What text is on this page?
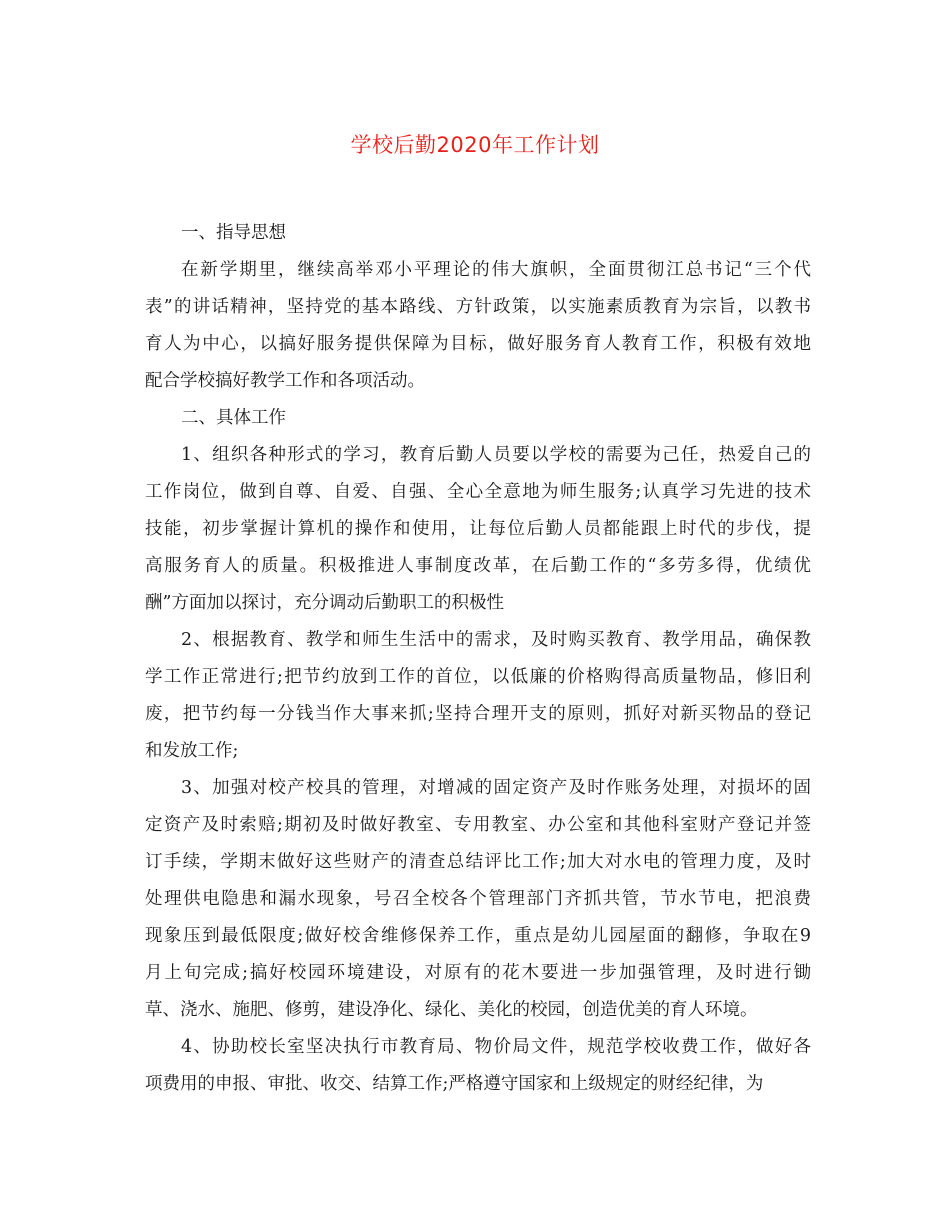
学校后勤2020年工作计划
一、指导思想
在新学期里，继续高举邓小平理论的伟大旗帜，全面贯彻江总书记“三个代
表”的讲话精神，坚持党的基本路线、方针政策，以实施素质教育为宗旨，以教书
育人为中心，以搞好服务提供保障为目标，做好服务育人教育工作，积极有效地
配合学校搞好教学工作和各项活动。
二、具体工作
1、组织各种形式的学习，教育后勤人员要以学校的需要为己任，热爱自己的
工作岗位，做到自尊、自爱、自强、全心全意地为师生服务;认真学习先进的技术
技能，初步掌握计算机的操作和使用，让每位后勤人员都能跟上时代的步伐，提
高服务育人的质量。积极推进人事制度改革，在后勤工作的“多劳多得，优绩优
酬”方面加以探讨，充分调动后勤职工的积极性
2、根据教育、教学和师生生活中的需求，及时购买教育、教学用品，确保教
学工作正常进行;把节约放到工作的首位，以低廉的价格购得高质量物品，修旧利
废，把节约每一分钱当作大事来抓;坚持合理开支的原则，抓好对新买物品的登记
和发放工作;
3、加强对校产校具的管理，对增减的固定资产及时作账务处理，对损坏的固
定资产及时索赔;期初及时做好教室、专用教室、办公室和其他科室财产登记并签
订手续，学期末做好这些财产的清查总结评比工作;加大对水电的管理力度，及时
处理供电隐患和漏水现象，号召全校各个管理部门齐抓共管，节水节电，把浪费
现象压到最低限度;做好校舍维修保养工作，重点是幼儿园屋面的翻修，争取在9
月上旬完成;搞好校园环境建设，对原有的花木要进一步加强管理，及时进行锄
草、浇水、施肥、修剪，建设净化、绿化、美化的校园，创造优美的育人环境。
4、协助校长室坚决执行市教育局、物价局文件，规范学校收费工作，做好各
项费用的申报、审批、收交、结算工作;严格遵守国家和上级规定的财经纪律，为
